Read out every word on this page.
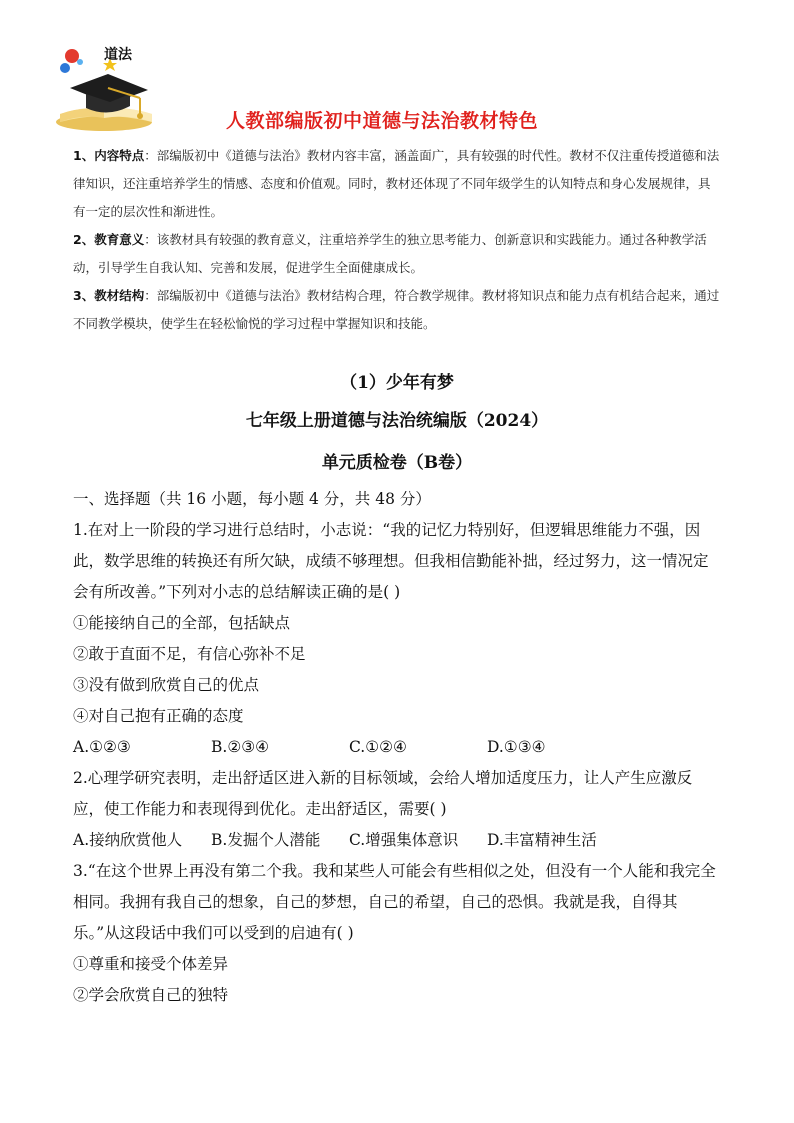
道法
人教部编版初中道德与法治教材特色

1、内容特点：部编版初中《道德与法治》教材内容丰富，涵盖面广，具有较强的时代性。教材不仅注重传授道德和法律知识，还注重培养学生的情感、态度和价值观。同时，教材还体现了不同年级学生的认知特点和身心发展规律，具有一定的层次性和渐进性。

2、教育意义：该教材具有较强的教育意义，注重培养学生的独立思考能力、创新意识和实践能力。通过各种教学活动，引导学生自我认知、完善和发展，促进学生全面健康成长。

3、教材结构：部编版初中《道德与法治》教材结构合理，符合教学规律。教材将知识点和能力点有机结合起来，通过不同教学模块，使学生在轻松愉悦的学习过程中掌握知识和技能。

（1）少年有梦
七年级上册道德与法治统编版（2024）
单元质检卷（B卷）

一、选择题（共 16 小题，每小题 4 分，共 48 分）

1.在对上一阶段的学习进行总结时，小志说：“我的记忆力特别好，但逻辑思维能力不强，因此，数学思维的转换还有所欠缺，成绩不够理想。但我相信勤能补拙，经过努力，这一情况定会有所改善。”下列对小志的总结解读正确的是( )

①能接纳自己的全部，包括缺点

②敢于直面不足，有信心弥补不足

③没有做到欣赏自己的优点

④对自己抱有正确的态度

A.①②③	B.②③④	C.①②④	D.①③④

2.心理学研究表明，走出舒适区进入新的目标领域，会给人增加适度压力，让人产生应激反应，使工作能力和表现得到优化。走出舒适区，需要( )

A.接纳欣赏他人	B.发掘个人潜能	C.增强集体意识	D.丰富精神生活

3.“在这个世界上再没有第二个我。我和某些人可能会有些相似之处，但没有一个人能和我完全相同。我拥有我自己的想象，自己的梦想，自己的希望，自己的恐惧。我就是我，自得其乐。”从这段话中我们可以受到的启迪有( )

①尊重和接受个体差异

②学会欣赏自己的独特
